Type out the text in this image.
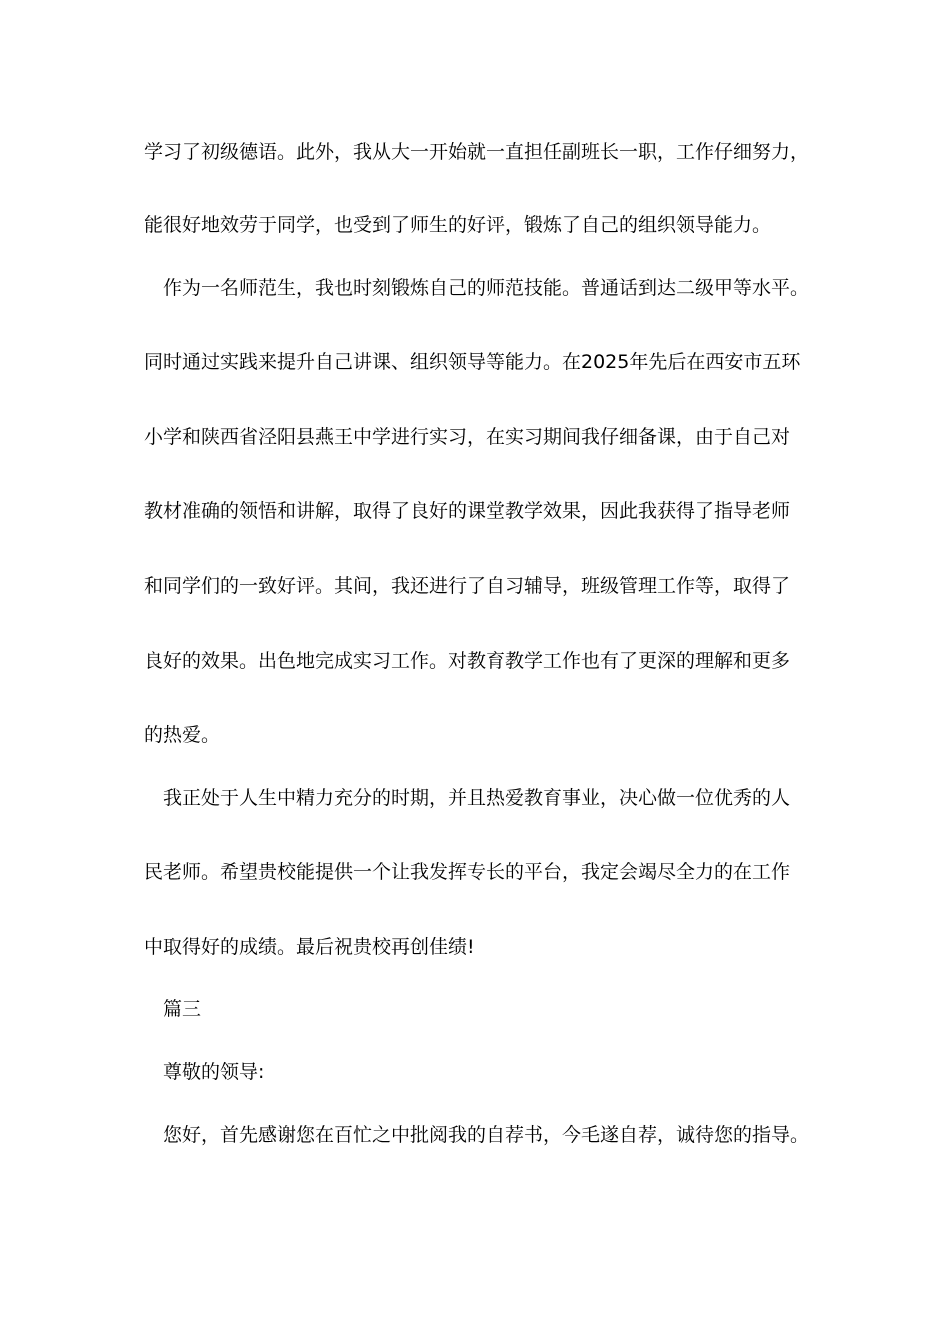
学习了初级德语。此外，我从大一开始就一直担任副班长一职，工作仔细努力，
能很好地效劳于同学，也受到了师生的好评，锻炼了自己的组织领导能力。
作为一名师范生，我也时刻锻炼自己的师范技能。普通话到达二级甲等水平。
同时通过实践来提升自己讲课、组织领导等能力。在2025年先后在西安市五环
小学和陕西省泾阳县燕王中学进行实习，在实习期间我仔细备课，由于自己对
教材准确的领悟和讲解，取得了良好的课堂教学效果，因此我获得了指导老师
和同学们的一致好评。其间，我还进行了自习辅导，班级管理工作等，取得了
良好的效果。出色地完成实习工作。对教育教学工作也有了更深的理解和更多
的热爱。
我正处于人生中精力充分的时期，并且热爱教育事业，决心做一位优秀的人
民老师。希望贵校能提供一个让我发挥专长的平台，我定会竭尽全力的在工作
中取得好的成绩。最后祝贵校再创佳绩!
篇三
尊敬的领导:
您好，首先感谢您在百忙之中批阅我的自荐书，今毛遂自荐，诚待您的指导。
